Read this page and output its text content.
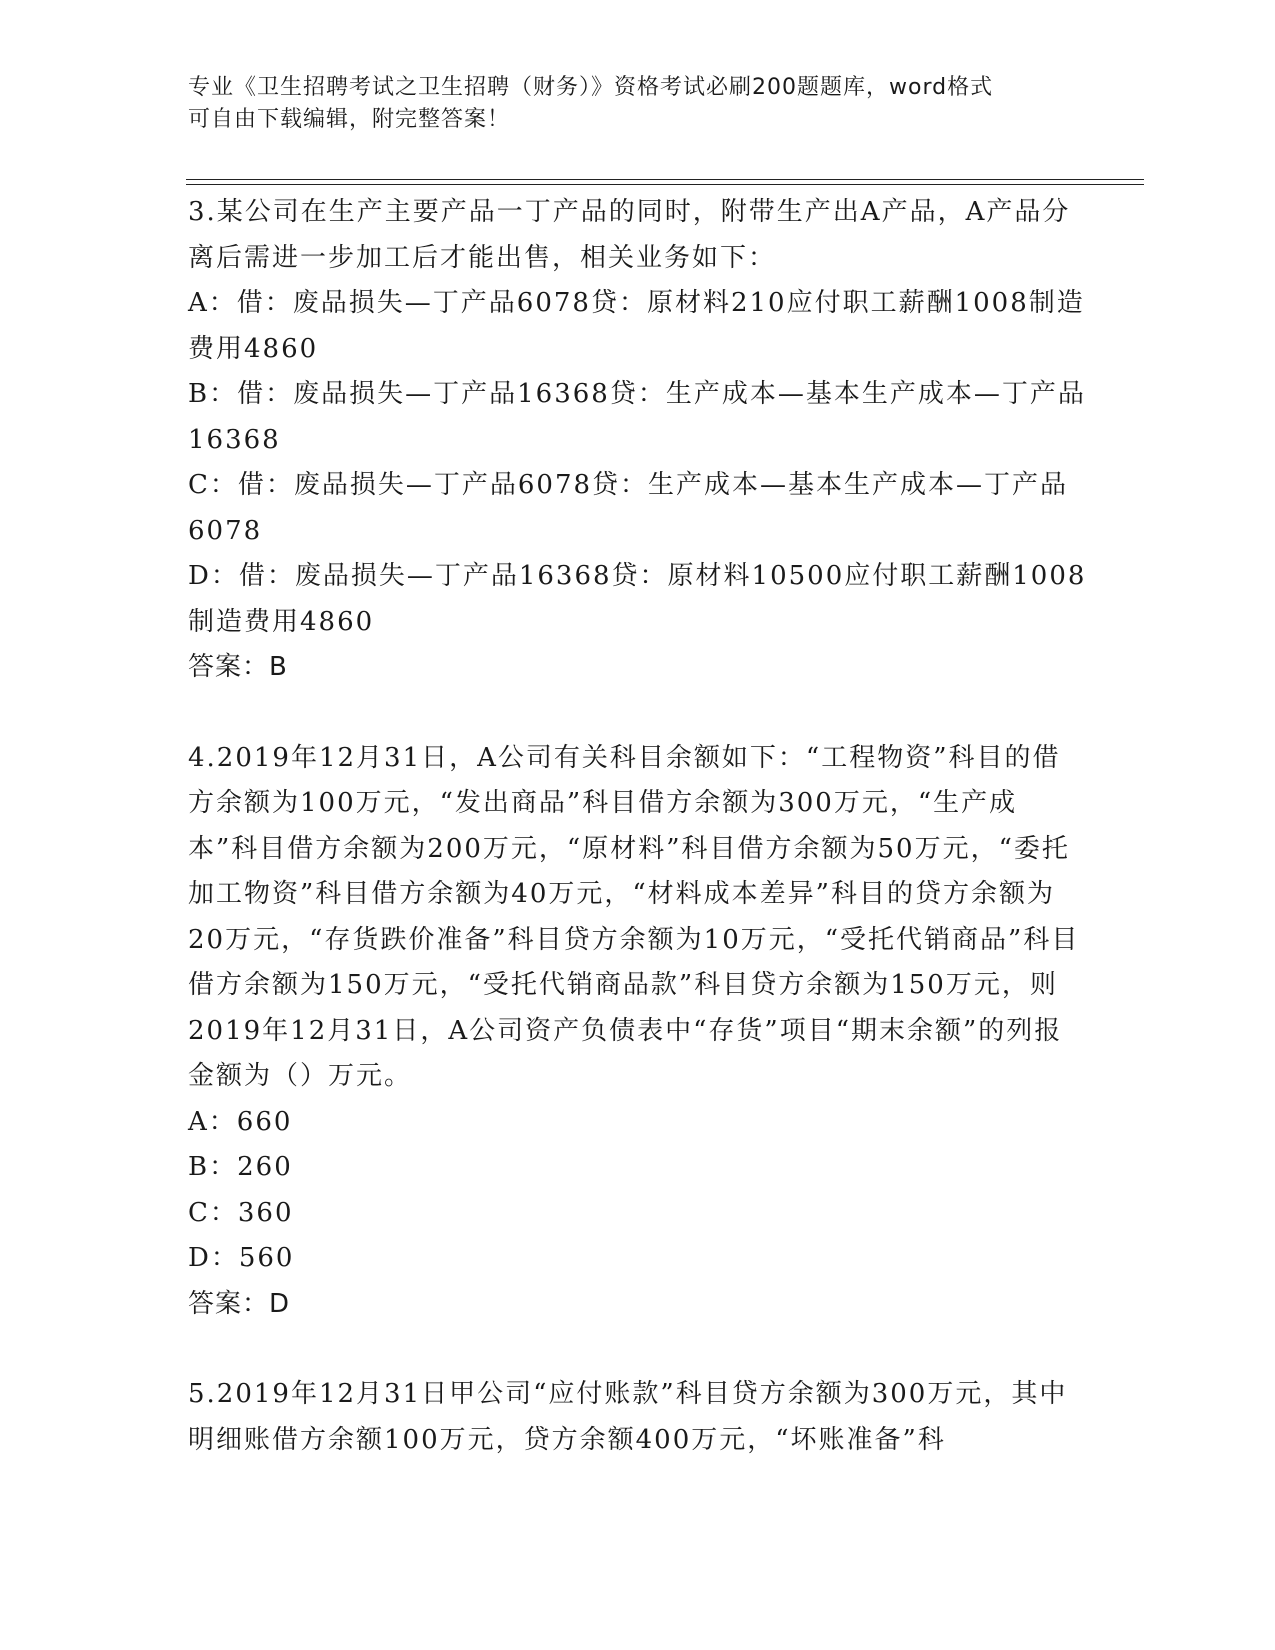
专业《卫生招聘考试之卫生招聘（财务）》资格考试必刷200题题库，word格式
可自由下载编辑，附完整答案！

3.某公司在生产主要产品一丁产品的同时，附带生产出A产品，A产品分离后需进一步加工后才能出售，相关业务如下：

A：借：废品损失—丁产品6078贷：原材料210应付职工薪酬1008制造费用4860

B：借：废品损失—丁产品16368贷：生产成本—基本生产成本—丁产品16368

C：借：废品损失—丁产品6078贷：生产成本—基本生产成本—丁产品6078

D：借：废品损失—丁产品16368贷：原材料10500应付职工薪酬1008制造费用4860

答案：B

4.2019年12月31日，A公司有关科目余额如下：“工程物资”科目的借方余额为100万元，“发出商品”科目借方余额为300万元，“生产成本”科目借方余额为200万元，“原材料”科目借方余额为50万元，“委托加工物资”科目借方余额为40万元，“材料成本差异”科目的贷方余额为20万元，“存货跌价准备”科目贷方余额为10万元，“受托代销商品”科目借方余额为150万元，“受托代销商品款”科目贷方余额为150万元，则2019年12月31日，A公司资产负债表中“存货”项目“期末余额”的列报金额为（）万元。

A：660

B：260

C：360

D：560

答案：D

5.2019年12月31日甲公司“应付账款”科目贷方余额为300万元，其中明细账借方余额100万元，贷方余额400万元，“坏账准备”科
